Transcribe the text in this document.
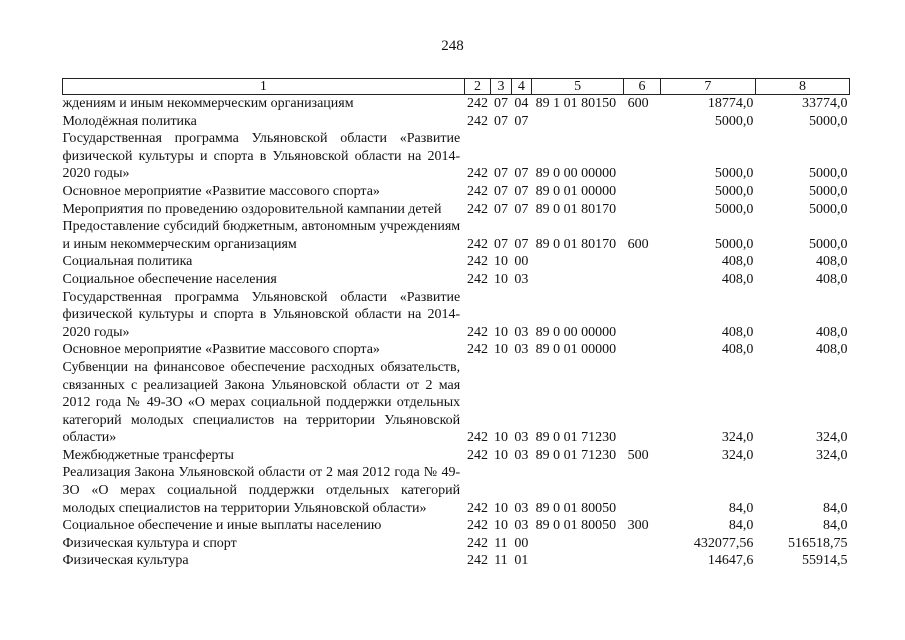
248
1	2	3	4	5	6	7	8
ждениям и иным некоммерческим организациям	242	07	04	89 1 01 80150	600	18774,0	33774,0
Молодёжная политика	242	07	07			5000,0	5000,0
Государственная программа Ульяновской области «Развитие физической культуры и спорта в Ульяновской области на 2014-2020 годы»	242	07	07	89 0 00 00000		5000,0	5000,0
Основное мероприятие «Развитие массового спорта»	242	07	07	89 0 01 00000		5000,0	5000,0
Мероприятия по проведению оздоровительной кампании детей	242	07	07	89 0 01 80170		5000,0	5000,0
Предоставление субсидий бюджетным, автономным учреждениям и иным некоммерческим организациям	242	07	07	89 0 01 80170	600	5000,0	5000,0
Социальная политика	242	10	00			408,0	408,0
Социальное обеспечение населения	242	10	03			408,0	408,0
Государственная программа Ульяновской области «Развитие физической культуры и спорта в Ульяновской области на 2014-2020 годы»	242	10	03	89 0 00 00000		408,0	408,0
Основное мероприятие «Развитие массового спорта»	242	10	03	89 0 01 00000		408,0	408,0
Субвенции на финансовое обеспечение расходных обязательств, связанных с реализацией Закона Ульяновской области от 2 мая 2012 года № 49-ЗО «О мерах социальной поддержки отдельных категорий молодых специалистов на территории Ульяновской области»	242	10	03	89 0 01 71230		324,0	324,0
Межбюджетные трансферты	242	10	03	89 0 01 71230	500	324,0	324,0
Реализация Закона Ульяновской области от 2 мая 2012 года № 49-ЗО «О мерах социальной поддержки отдельных категорий молодых специалистов на территории Ульяновской области»	242	10	03	89 0 01 80050		84,0	84,0
Социальное обеспечение и иные выплаты населению	242	10	03	89 0 01 80050	300	84,0	84,0
Физическая культура и спорт	242	11	00			432077,56	516518,75
Физическая культура	242	11	01			14647,6	55914,5
